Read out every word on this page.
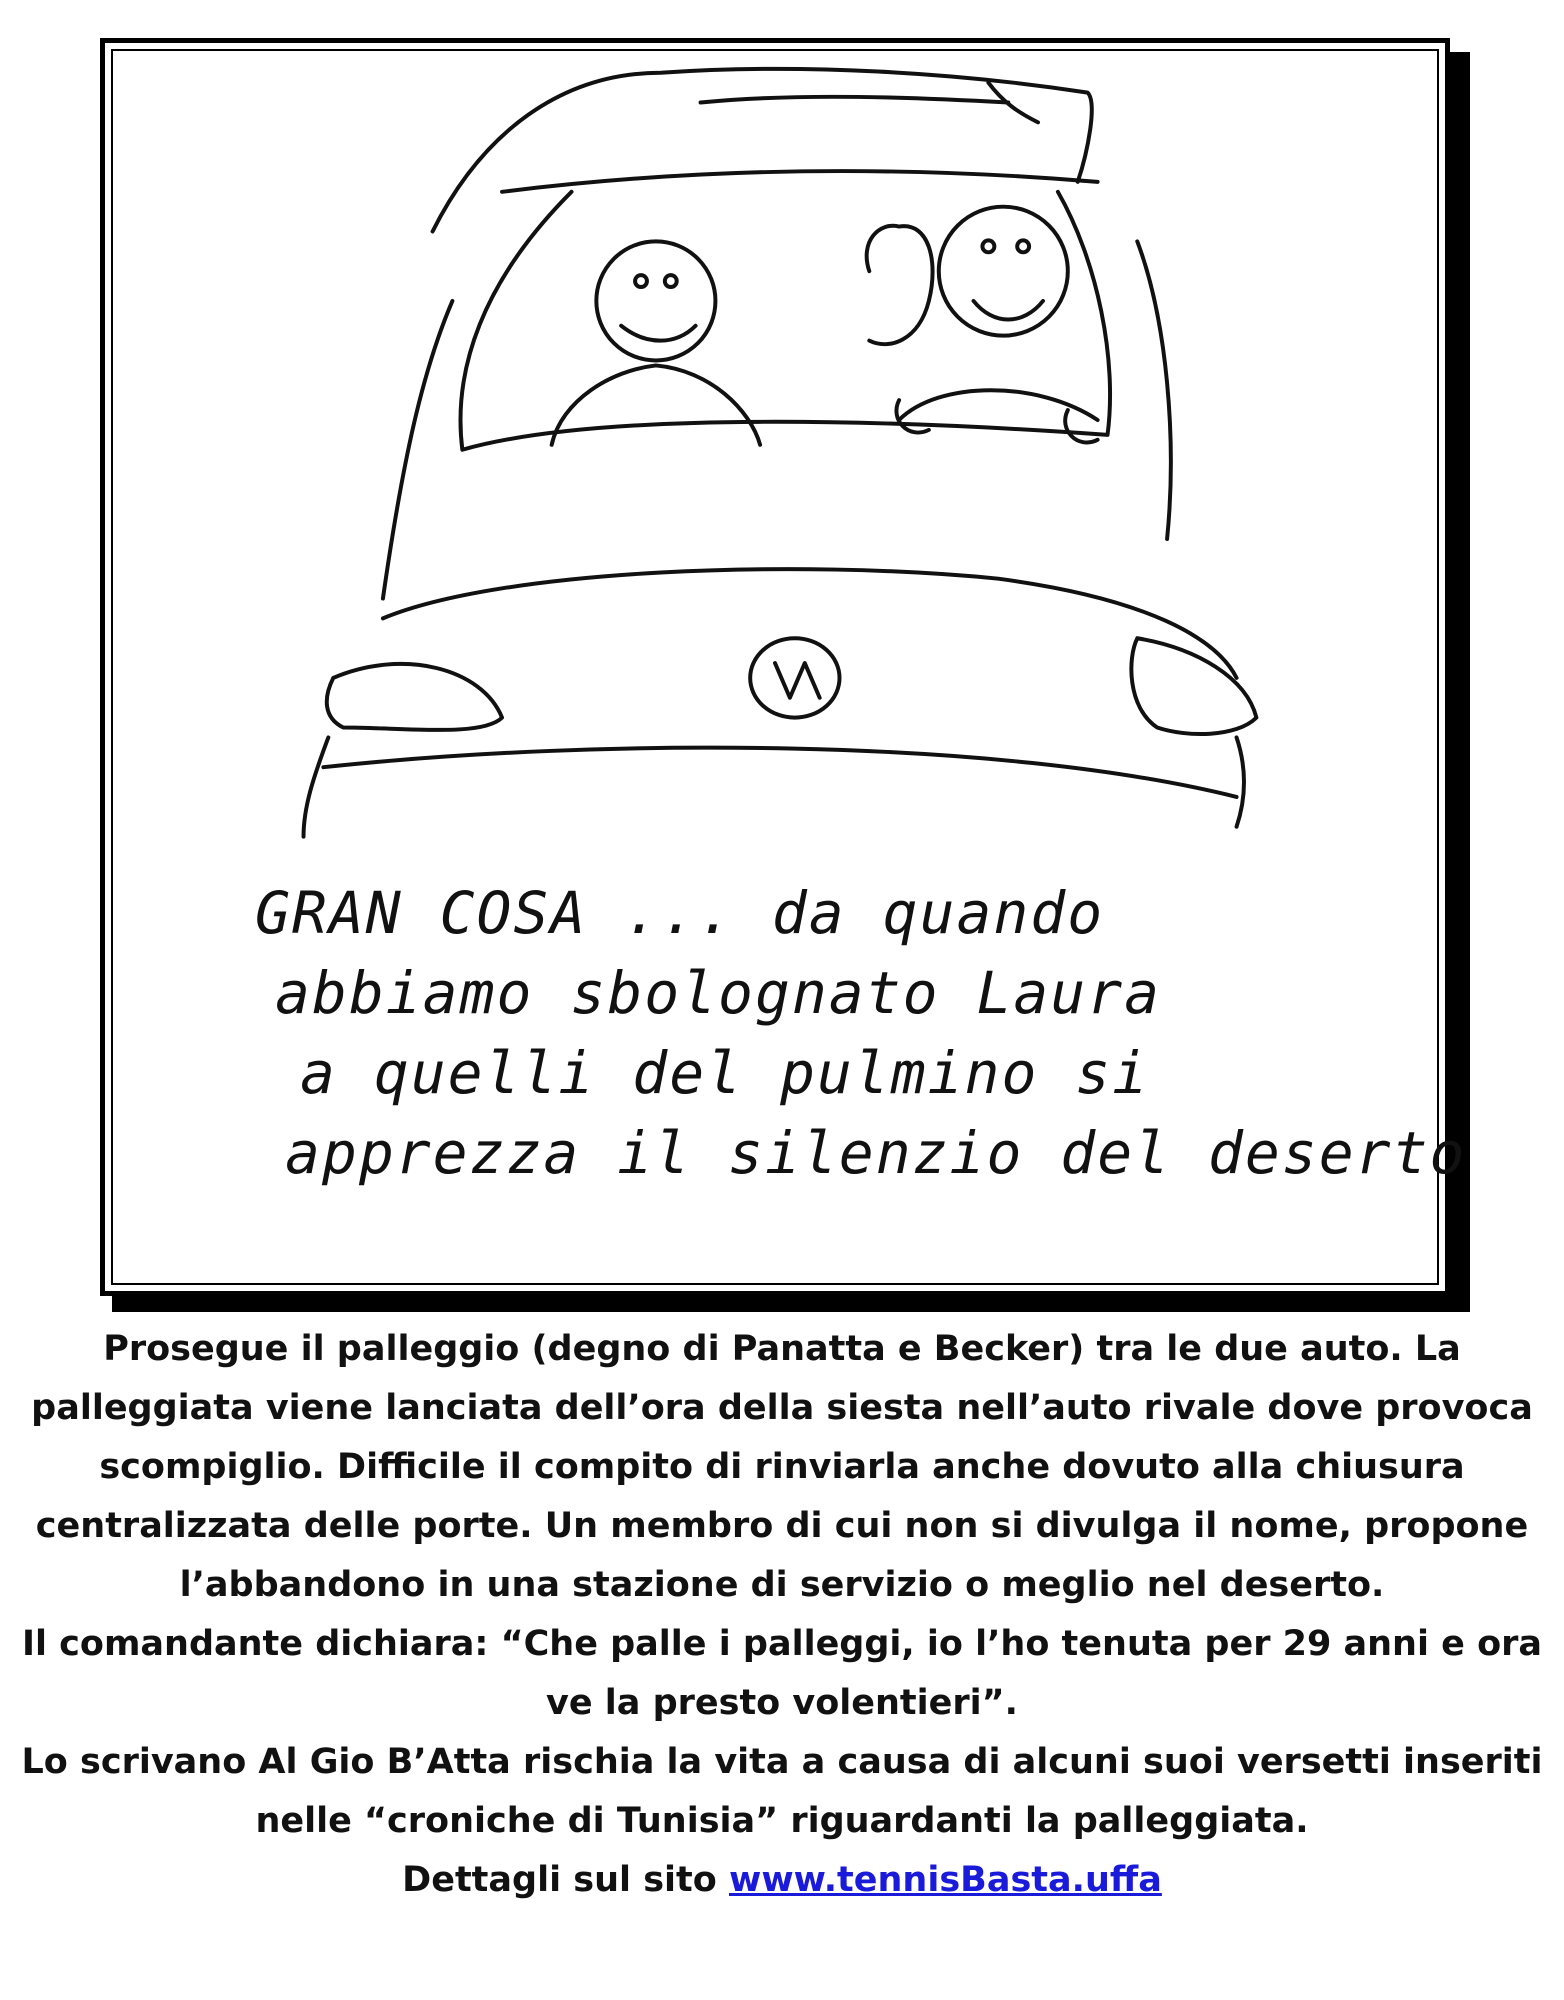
GRAN COSA ... da quando
abbiamo sbolognato Laura
a quelli del pulmino si
apprezza il silenzio del deserto

Prosegue il palleggio (degno di Panatta e Becker) tra le due auto. La palleggiata viene lanciata dell’ora della siesta nell’auto rivale dove provoca scompiglio. Difficile il compito di rinviarla anche dovuto alla chiusura centralizzata delle porte. Un membro di cui non si divulga il nome, propone l’abbandono in una stazione di servizio o meglio nel deserto.

Il comandante dichiara: “Che palle i palleggi, io l’ho tenuta per 29 anni e ora ve la presto volentieri”.

Lo scrivano Al Gio B’Atta rischia la vita a causa di alcuni suoi versetti inseriti nelle “croniche di Tunisia” riguardanti la palleggiata.

Dettagli sul sito www.tennisBasta.uffa
